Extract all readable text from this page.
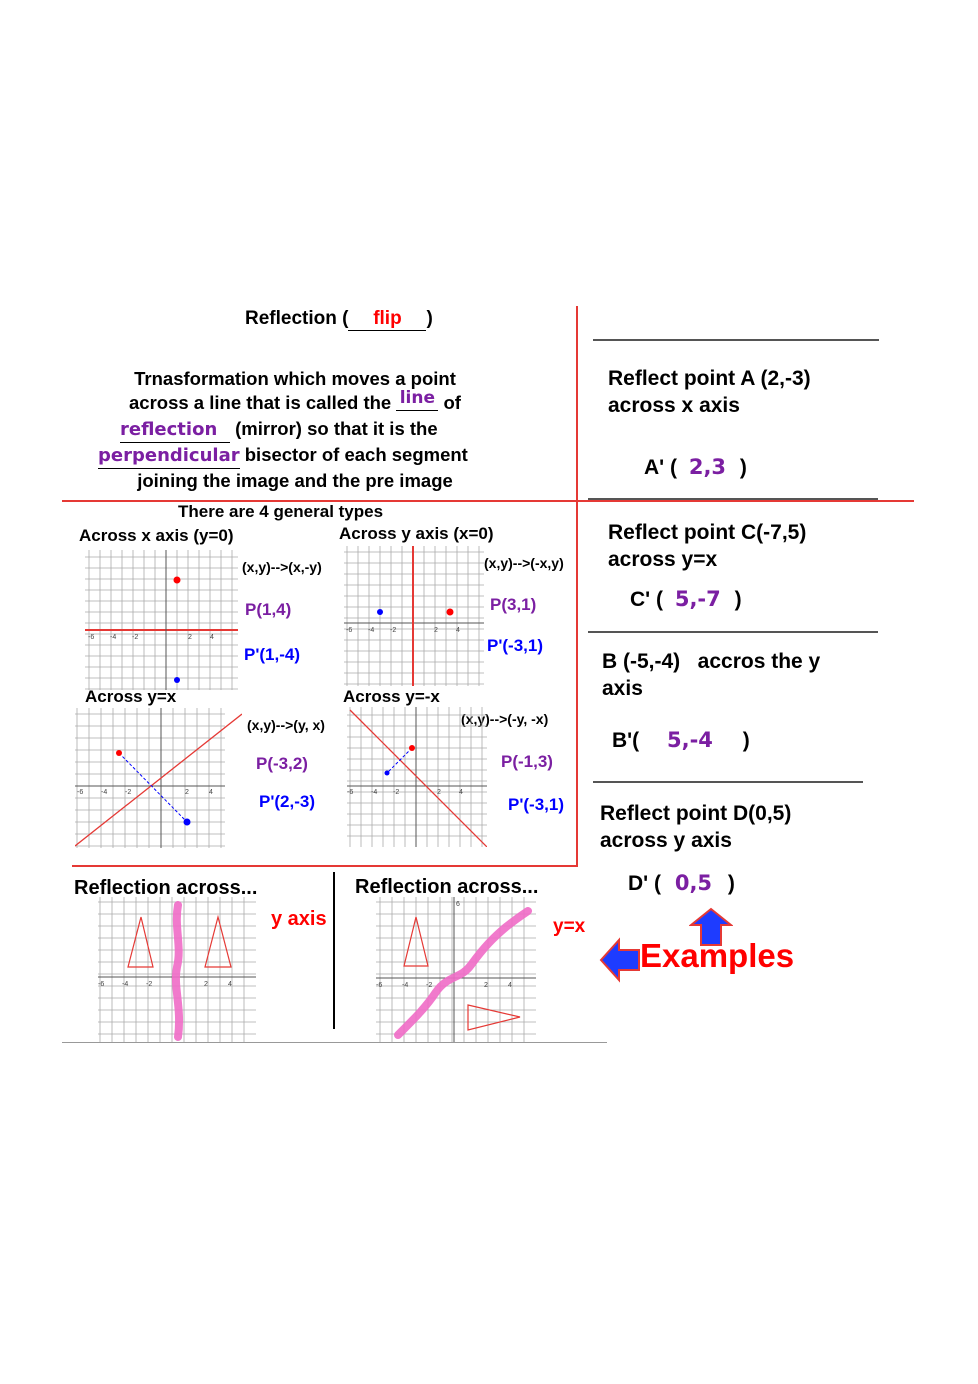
Reflection ( flip )
Trnasformation which moves a point
across a line that is called the line of
reflection (mirror) so that it is the
perpendicular bisector of each segment
joining the image and the pre image
There are 4 general types
Across x axis (y=0)	Across y axis (x=0)
Across y=x	Across y=-x
(x,y)-->(x,-y)	(x,y)-->(-x,y)
(x,y)-->(y, x)	(x,y)-->(-y, -x)
P(1,4)
P'(1,-4)
P(3,1)
P'(-3,1)
P(-3,2)
P'(2,-3)
P(-1,3)
P'(-3,1)
-6 -4 -2	2	4
-6 -4 -2	2	4
-6	-4	-2	2	4	-6	-4 -2	2	4
Reflection across...	Reflection across...
y axis	y=x
-6	-4	-2	2	4	-6	-4	-2	2	4
6
Reflect point A (2,-3)
across x axis
A' ( 2,3 )
Reflect point C(-7,5)
across y=x
C' ( 5,-7 )
B (-5,-4)   accros the y
axis
B'( 5,-4 )
Reflect point D(0,5)
across y axis
D' ( 0,5 )
Examples
